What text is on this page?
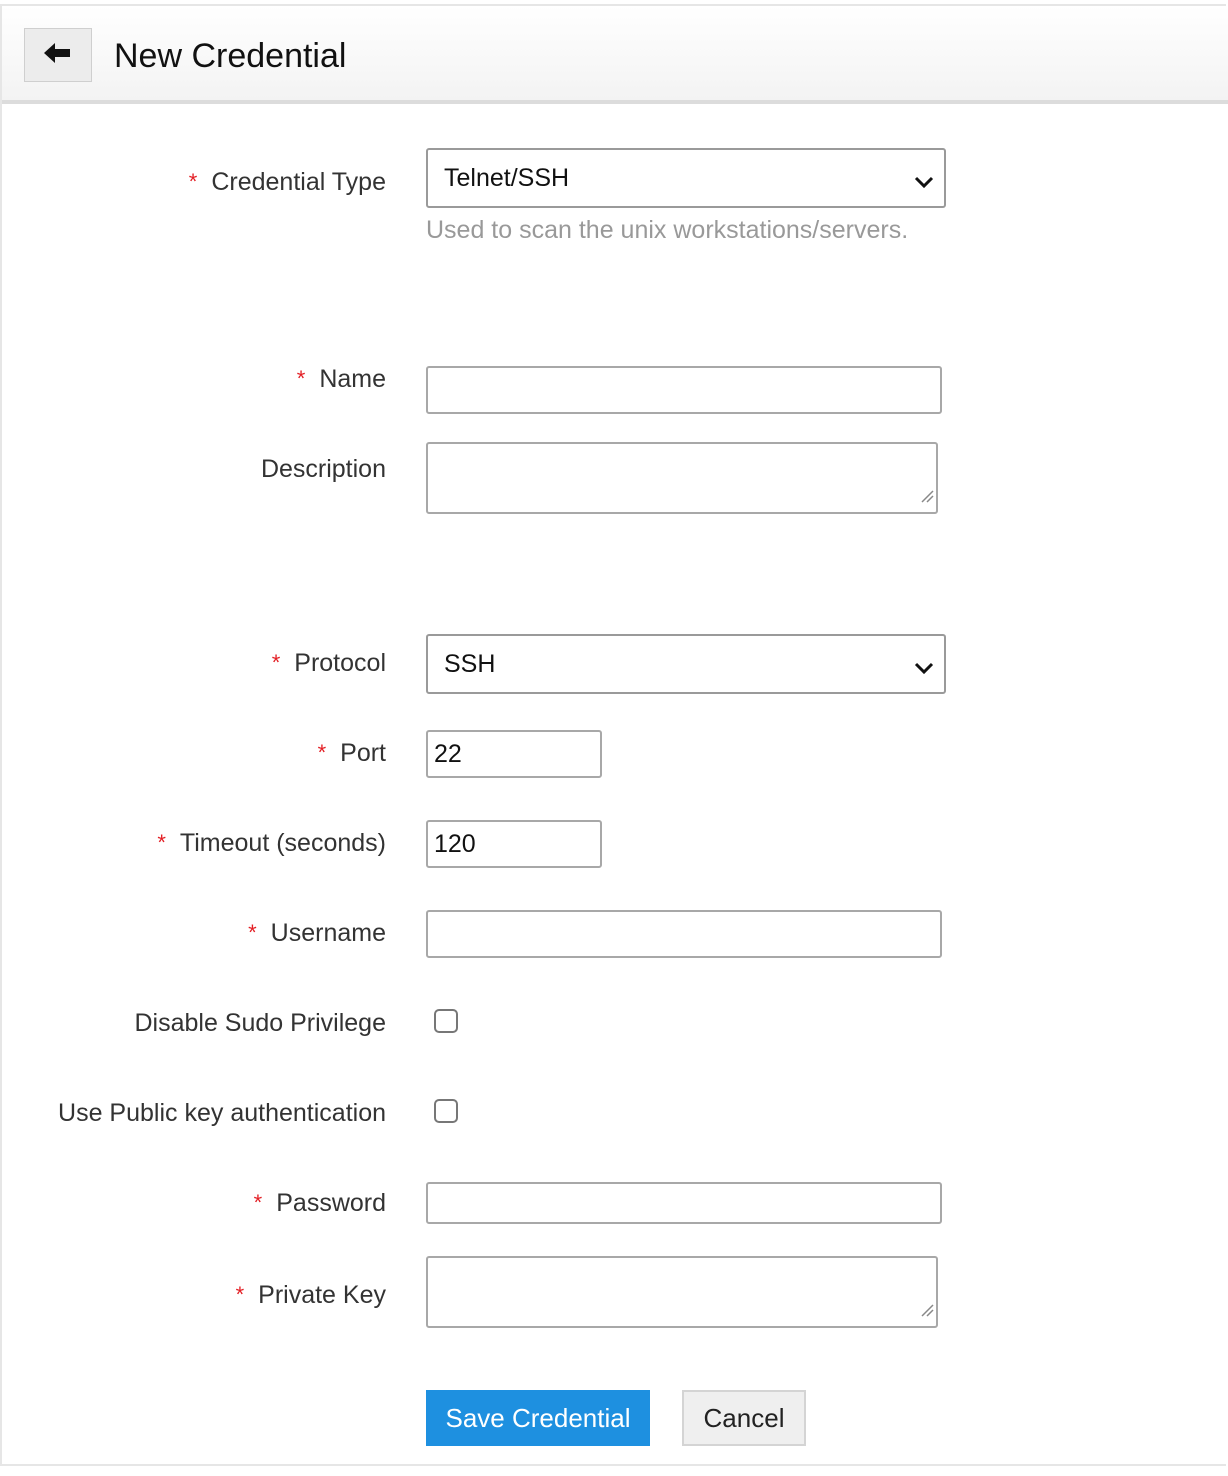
New Credential
* Credential Type Telnet/SSH
Used to scan the unix workstations/servers.
* Name
Description
* Protocol SSH
* Port 22
* Timeout (seconds) 120
* Username
Disable Sudo Privilege
Use Public key authentication
* Password
* Private Key
Save Credential	Cancel
